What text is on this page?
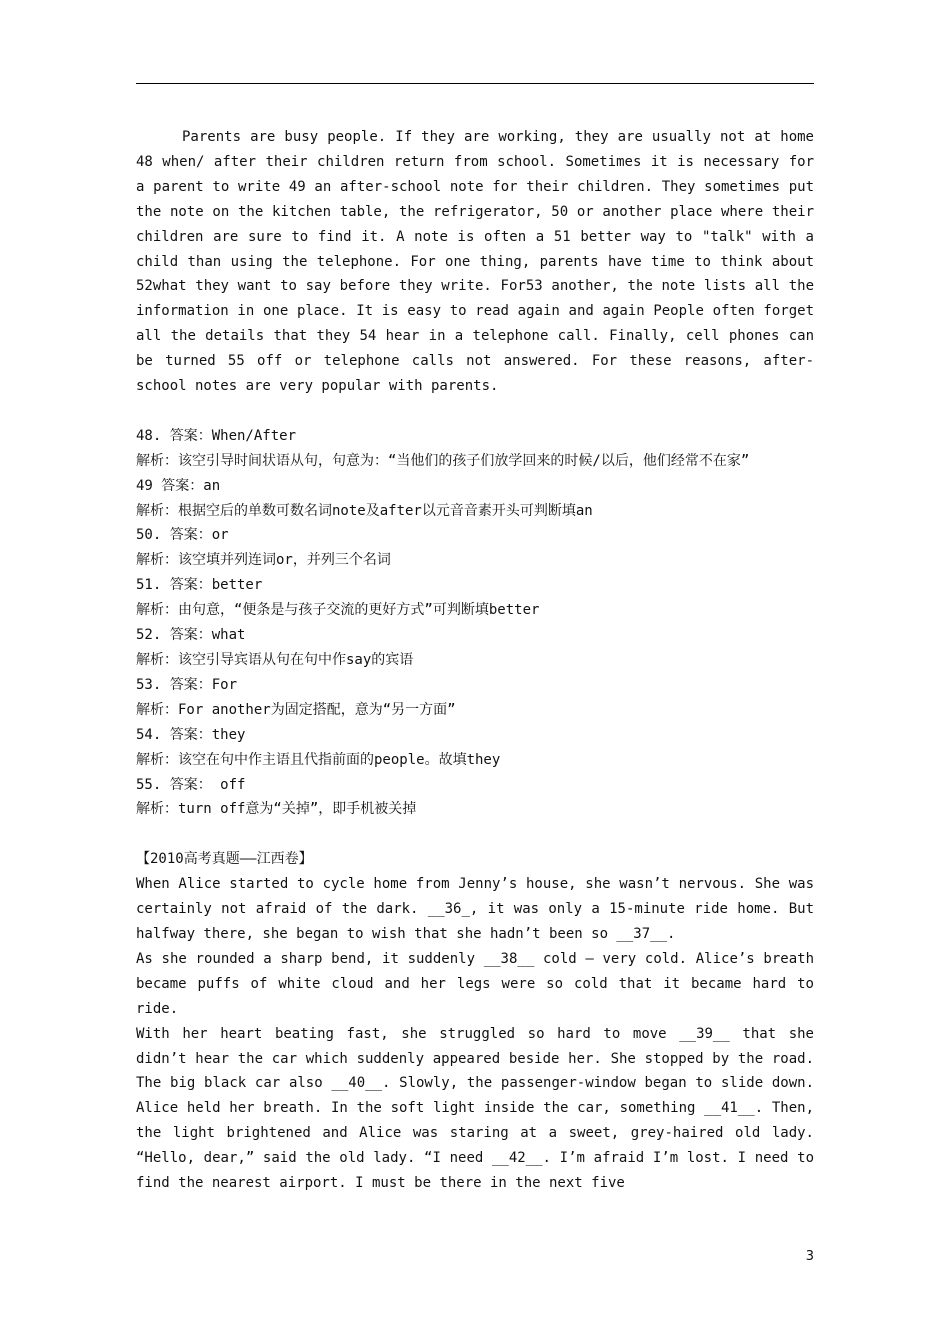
Parents are busy people. If they are working, they are usually not at home 48 when/ after their children return from school. Sometimes it is necessary for a parent to write 49 an after-school note for their children. They sometimes put the note on the kitchen table, the refrigerator, 50 or another place where their children are sure to find it. A note is often a 51 better way to "talk" with a child than using the telephone. For one thing, parents have time to think about 52what they want to say before they write. For53 another, the note lists all the information in one place. It is easy to read again and again People often forget all the details that they 54 hear in a telephone call. Finally, cell phones can be turned 55 off or telephone calls not answered. For these reasons, after-school notes are very popular with parents.

48. 答案：When/After

解析：该空引导时间状语从句，句意为：“当他们的孩子们放学回来的时候/以后，他们经常不在家”

49 答案：an

解析：根据空后的单数可数名词note及after以元音音素开头可判断填an

50. 答案：or

解析：该空填并列连词or，并列三个名词

51. 答案：better

解析：由句意，“便条是与孩子交流的更好方式”可判断填better

52. 答案：what

解析：该空引导宾语从句在句中作say的宾语

53. 答案：For

解析：For another为固定搭配，意为“另一方面”

54. 答案：they

解析：该空在句中作主语且代指前面的people。故填they

55. 答案： off

解析：turn off意为“关掉”，即手机被关掉

【2010高考真题——江西卷】

When Alice started to cycle home from Jenny’s house, she wasn’t nervous. She was certainly not afraid of the dark. __36_, it was only a 15-minute ride home. But halfway there, she began to wish that she hadn’t been so __37__.

As she rounded a sharp bend, it suddenly __38__ cold — very cold. Alice’s breath became puffs of white cloud and her legs were so cold that it became hard to ride.

With her heart beating fast, she struggled so hard to move __39__ that she didn’t hear the car which suddenly appeared beside her. She stopped by the road. The big black car also __40__. Slowly, the passenger-window began to slide down. Alice held her breath. In the soft light inside the car, something __41__. Then, the light brightened and Alice was staring at a sweet, grey-haired old lady. “Hello, dear,” said the old lady. “I need __42__. I’m afraid I’m lost. I need to find the nearest airport. I must be there in the next five

3
